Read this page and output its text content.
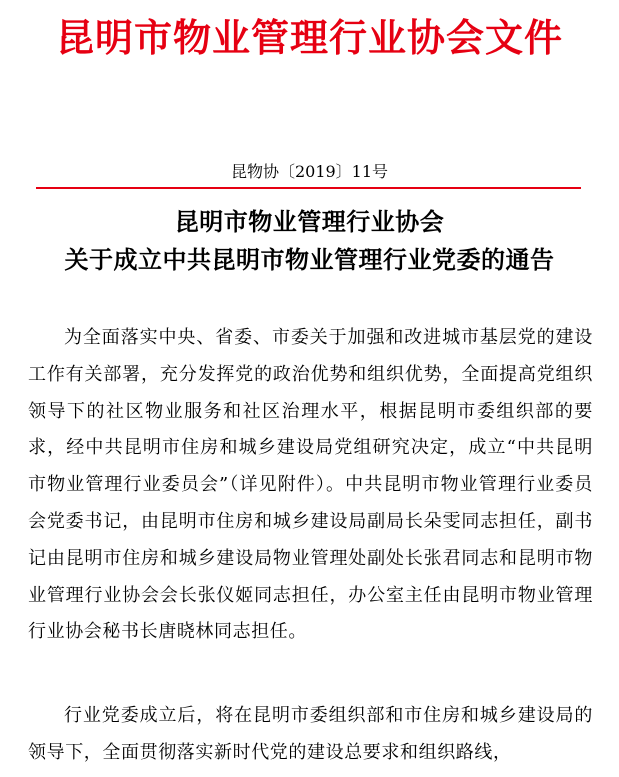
昆明市物业管理行业协会文件
昆物协〔2019〕11号
昆明市物业管理行业协会
关于成立中共昆明市物业管理行业党委的通告

为全面落实中央、省委、市委关于加强和改进城市基层党的建设工作有关部署，充分发挥党的政治优势和组织优势，全面提高党组织领导下的社区物业服务和社区治理水平，根据昆明市委组织部的要求，经中共昆明市住房和城乡建设局党组研究决定，成立“中共昆明市物业管理行业委员会”（详见附件）。中共昆明市物业管理行业委员会党委书记，由昆明市住房和城乡建设局副局长朵雯同志担任，副书记由昆明市住房和城乡建设局物业管理处副处长张君同志和昆明市物业管理行业协会会长张仪姬同志担任，办公室主任由昆明市物业管理行业协会秘书长唐晓林同志担任。

行业党委成立后，将在昆明市委组织部和市住房和城乡建设局的领导下，全面贯彻落实新时代党的建设总要求和组织路线，
